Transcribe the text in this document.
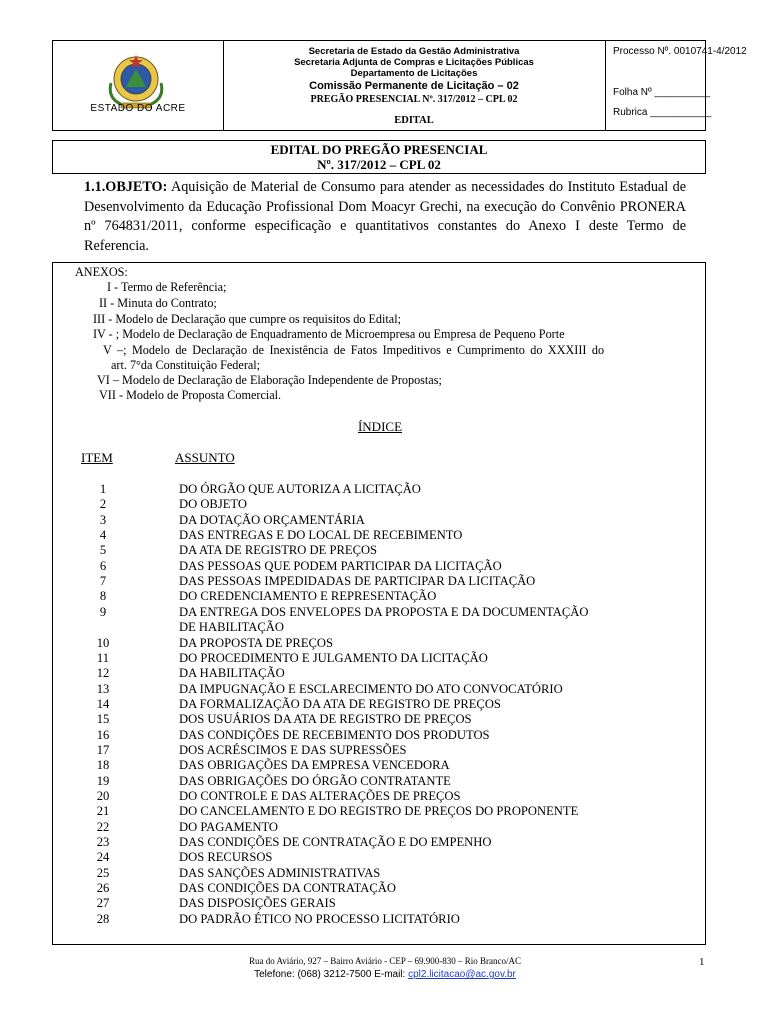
ESTADO DO ACRE
Secretaria de Estado da Gestão Administrativa
Secretaria Adjunta de Compras e Licitações Públicas
Departamento de Licitações
Comissão Permanente de Licitação – 02
PREGÃO PRESENCIAL Nº. 317/2012 – CPL 02
EDITAL
Processo Nº. 0010741-4/2012
Folha Nº __________
Rubrica ___________
EDITAL DO PREGÃO PRESENCIAL
Nº. 317/2012 – CPL 02
1.1.OBJETO: Aquisição de Material de Consumo para atender as necessidades do Instituto Estadual de Desenvolvimento da Educação Profissional Dom Moacyr Grechi, na execução do Convênio PRONERA nº 764831/2011, conforme especificação e quantitativos constantes do Anexo I deste Termo de Referencia.
ANEXOS:
I - Termo de Referência;
II - Minuta do Contrato;
III - Modelo de Declaração que cumpre os requisitos do Edital;
IV - ; Modelo de Declaração de Enquadramento de Microempresa ou Empresa de Pequeno Porte
V –; Modelo de Declaração de Inexistência de Fatos Impeditivos e Cumprimento do XXXIII do
art. 7°da Constituição Federal;
VI – Modelo de Declaração de Elaboração Independente de Propostas;
VII - Modelo de Proposta Comercial.
ÍNDICE
ITEM	ASSUNTO
1	DO ÓRGÃO QUE AUTORIZA A LICITAÇÃO
2	DO OBJETO
3	DA DOTAÇÃO ORÇAMENTÁRIA
4	DAS ENTREGAS E DO LOCAL DE RECEBIMENTO
5	DA ATA DE REGISTRO DE PREÇOS
6	DAS PESSOAS QUE PODEM PARTICIPAR DA LICITAÇÃO
7	DAS PESSOAS IMPEDIDADAS DE PARTICIPAR DA LICITAÇÃO
8	DO CREDENCIAMENTO E REPRESENTAÇÃO
9	DA ENTREGA DOS ENVELOPES DA PROPOSTA E DA DOCUMENTAÇÃO
DE HABILITAÇÃO
10	DA PROPOSTA DE PREÇOS
11	DO PROCEDIMENTO E JULGAMENTO DA LICITAÇÃO
12	DA HABILITAÇÃO
13	DA IMPUGNAÇÃO E ESCLARECIMENTO DO ATO CONVOCATÓRIO
14	DA FORMALIZAÇÃO DA ATA DE REGISTRO DE PREÇOS
15	DOS USUÁRIOS DA ATA DE REGISTRO DE PREÇOS
16	DAS CONDIÇÕES DE RECEBIMENTO DOS PRODUTOS
17	DOS ACRÉSCIMOS E DAS SUPRESSÕES
18	DAS OBRIGAÇÕES DA EMPRESA VENCEDORA
19	DAS OBRIGAÇÕES DO ÓRGÃO CONTRATANTE
20	DO CONTROLE E DAS ALTERAÇÕES DE PREÇOS
21	DO CANCELAMENTO E DO REGISTRO DE PREÇOS DO PROPONENTE
22	DO PAGAMENTO
23	DAS CONDIÇÕES DE CONTRATAÇÃO E DO EMPENHO
24	DOS RECURSOS
25	DAS SANÇÕES ADMINISTRATIVAS
26	DAS CONDIÇÕES DA CONTRATAÇÃO
27	DAS DISPOSIÇÕES GERAIS
28	DO PADRÃO ÉTICO NO PROCESSO LICITATÓRIO
Rua do Aviário, 927 – Bairro Aviário - CEP – 69.900-830 – Rio Branco/AC
Telefone: (068) 3212-7500 E-mail: cpl2.licitacao@ac.gov.br
1
